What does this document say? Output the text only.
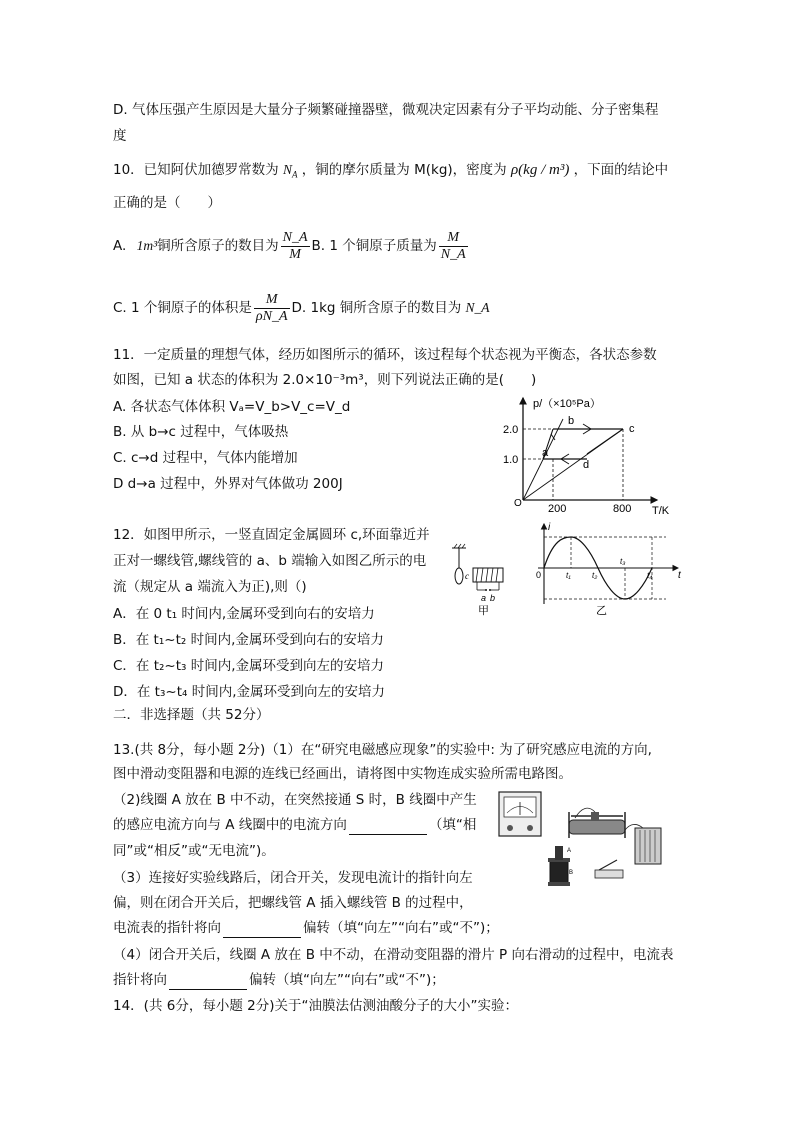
D. 气体压强产生原因是大量分子频繁碰撞器壁，微观决定因素有分子平均动能、分子密集程
度
10．已知阿伏加德罗常数为 $N_A$ ，铜的摩尔质量为 M(kg)，密度为 ρ(kg / m³) ，下面的结论中
正确的是（　　）
A. 1m³铜所含原子的数目为 $\frac{N\_A}{M} B$. 1 个铜原子质量为 $\frac{M}{N\_A}$
C. 1 个铜原子的体积是 $\frac{M}{\rho N\_A} D$. 1kg 铜所含原子的数目为 N_A
11．一定质量的理想气体，经历如图所示的循环，该过程每个状态视为平衡态，各状态参数
如图，已知 a 状态的体积为 2.0×10⁻³m³，则下列说法正确的是(　　)
A. 各状态气体体积 Vₐ=V_b>V_c=V_d
B. 从 b→c 过程中，气体吸热
C. c→d 过程中，气体内能增加
D d→a 过程中，外界对气体做功 200J
p/（×10⁵Pa）
T/K
2.0
1.0
200	800
O
a
b
c
d
12．如图甲所示，一竖直固定金属圆环 c,环面靠近并
正对一螺线管,螺线管的 a、b 端输入如图乙所示的电
流（规定从 a 端流入为正),则（)
A．在 0 t₁ 时间内,金属环受到向右的安培力
B．在 t₁~t₂ 时间内,金属环受到向右的安培力
C．在 t₂~t₃ 时间内,金属环受到向左的安培力
D．在 t₃~t₄ 时间内,金属环受到向左的安培力
c
a b
甲
i
t
0	t₁	t₂
t₃
t₄
乙
二．非选择题（共 52分）
13.(共 8分，每小题 2分)（1）在“研究电磁感应现象”的实验中: 为了研究感应电流的方向,
图中滑动变阻器和电源的连线已经画出，请将图中实物连成实验所需电路图。
（2)线圈 A 放在 B 中不动，在突然接通 S 时，B 线圈中产生
的感应电流方向与 A 线圈中的电流方向	（填“相
同”或“相反”或“无电流”)。
（3）连接好实验线路后，闭合开关，发现电流计的指针向左
偏，则在闭合开关后，把螺线管 A 插入螺线管 B 的过程中，
电流表的指针将向	偏转（填“向左”“向右”或“不”)；
（4）闭合开关后，线圈 A 放在 B 中不动，在滑动变阻器的滑片 P 向右滑动的过程中，电流表
指针将向	偏转（填“向左”“向右”或“不”)；
A
B
14．(共 6分，每小题 2分)关于“油膜法估测油酸分子的大小”实验：
